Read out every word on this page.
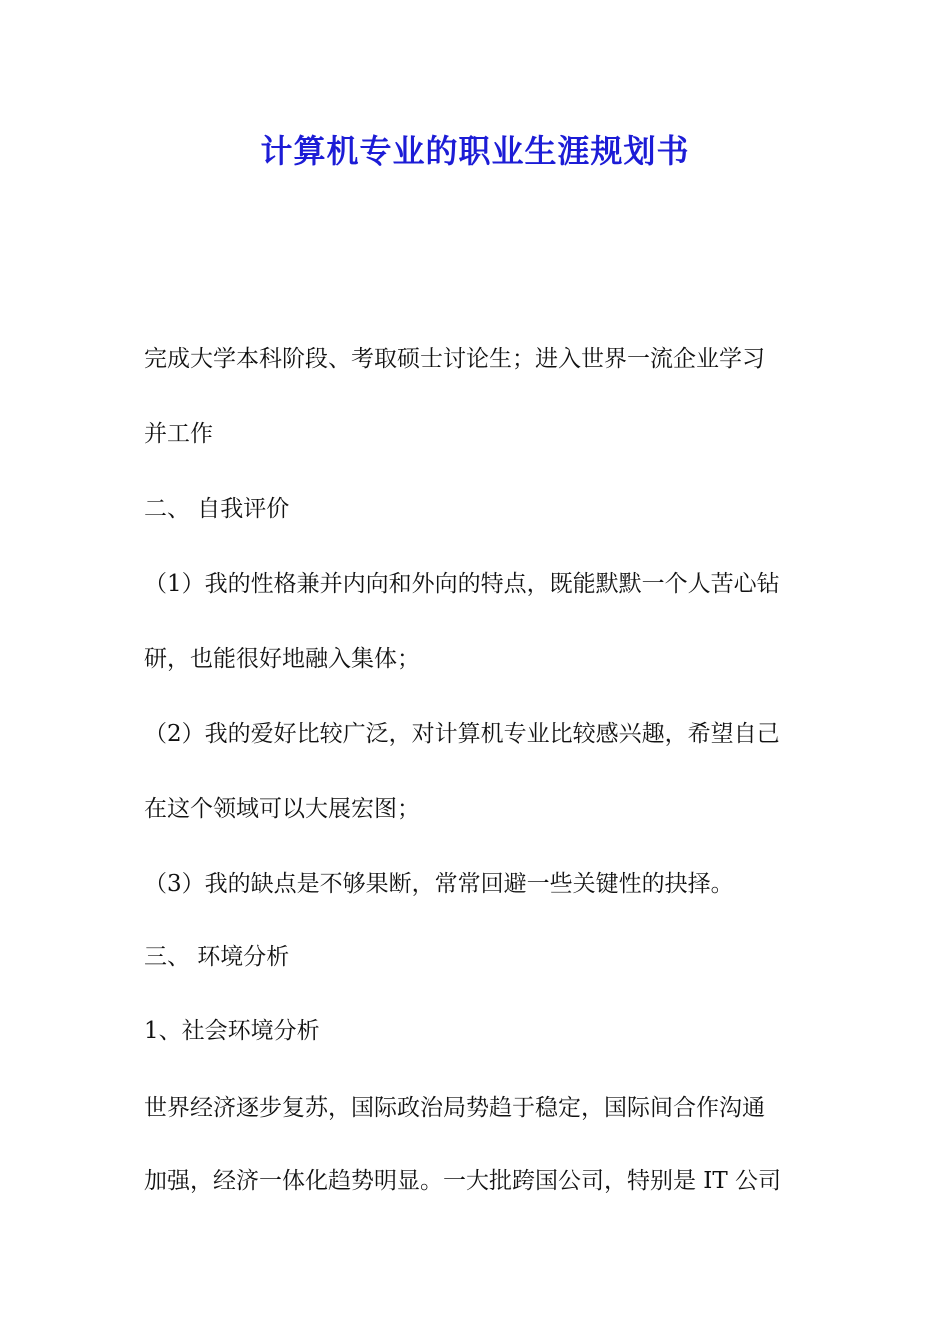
计算机专业的职业生涯规划书
完成大学本科阶段、考取硕士讨论生；进入世界一流企业学习
并工作
二、 自我评价
（1）我的性格兼并内向和外向的特点，既能默默一个人苦心钻
研，也能很好地融入集体；
（2）我的爱好比较广泛，对计算机专业比较感兴趣，希望自己
在这个领域可以大展宏图；
（3）我的缺点是不够果断，常常回避一些关键性的抉择。
三、 环境分析
1、社会环境分析
世界经济逐步复苏，国际政治局势趋于稳定，国际间合作沟通
加强，经济一体化趋势明显。一大批跨国公司，特别是 IT 公司
